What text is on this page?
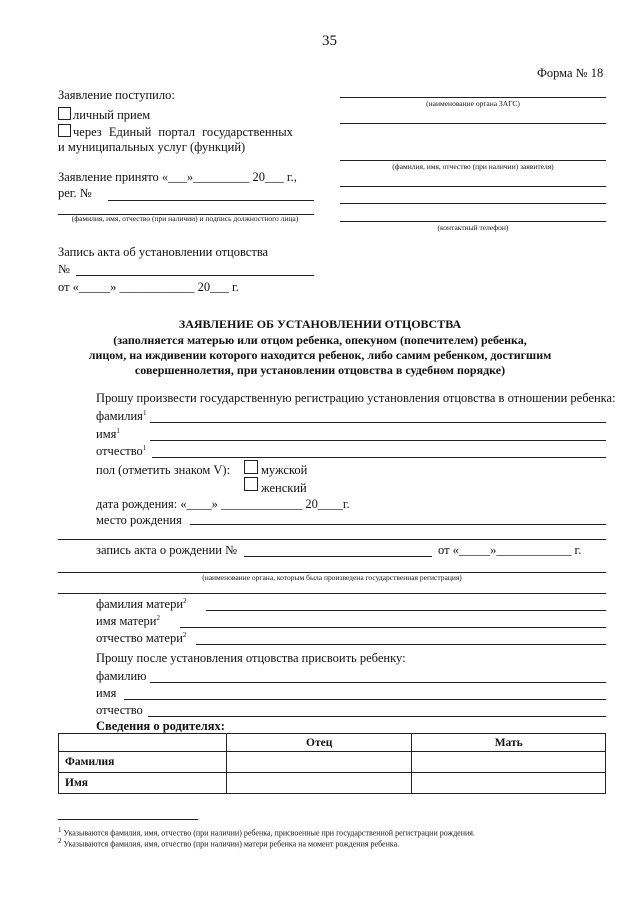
35
Форма № 18
Заявление поступило:
личный прием
через Единый портал государственных
и муниципальных услуг (функций)
Заявление принято «___»_________ 20___ г.,
рег. №
(фамилия, имя, отчество (при наличии) и подпись должностного лица)
Запись акта об установлении отцовства
№
от «_____» ____________ 20___ г.
(наименование органа ЗАГС)
(фамилия, имя, отчество (при наличии) заявителя)
(контактный телефон)
ЗАЯВЛЕНИЕ ОБ УСТАНОВЛЕНИИ ОТЦОВСТВА
(заполняется матерью или отцом ребенка, опекуном (попечителем) ребенка,
лицом, на иждивении которого находится ребенок, либо самим ребенком, достигшим
совершеннолетия, при установлении отцовства в судебном порядке)
Прошу произвести государственную регистрацию установления отцовства в отношении ребенка:
фамилия$^1$
имя$^1$
отчество$^1$
пол (отметить знаком V): мужской
женский
дата рождения: «____» _____________ 20____г.
место рождения
запись акта о рождении №	от «_____»____________ г.
(наименование органа, которым была произведена государственная регистрация)
фамилия матери$^2$
имя матери$^2$
отчество матери$^2$
Прошу после установления отцовства присвоить ребенку:
фамилию
имя
отчество
Сведения о родителях:
	Отец	Мать
Фамилия		
Имя		
$^1$ Указываются фамилия, имя, отчество (при наличии) ребенка, присвоенные при государственной регистрации рождения.
$^2$ Указываются фамилия, имя, отчество (при наличии) матери ребенка на момент рождения ребенка.
